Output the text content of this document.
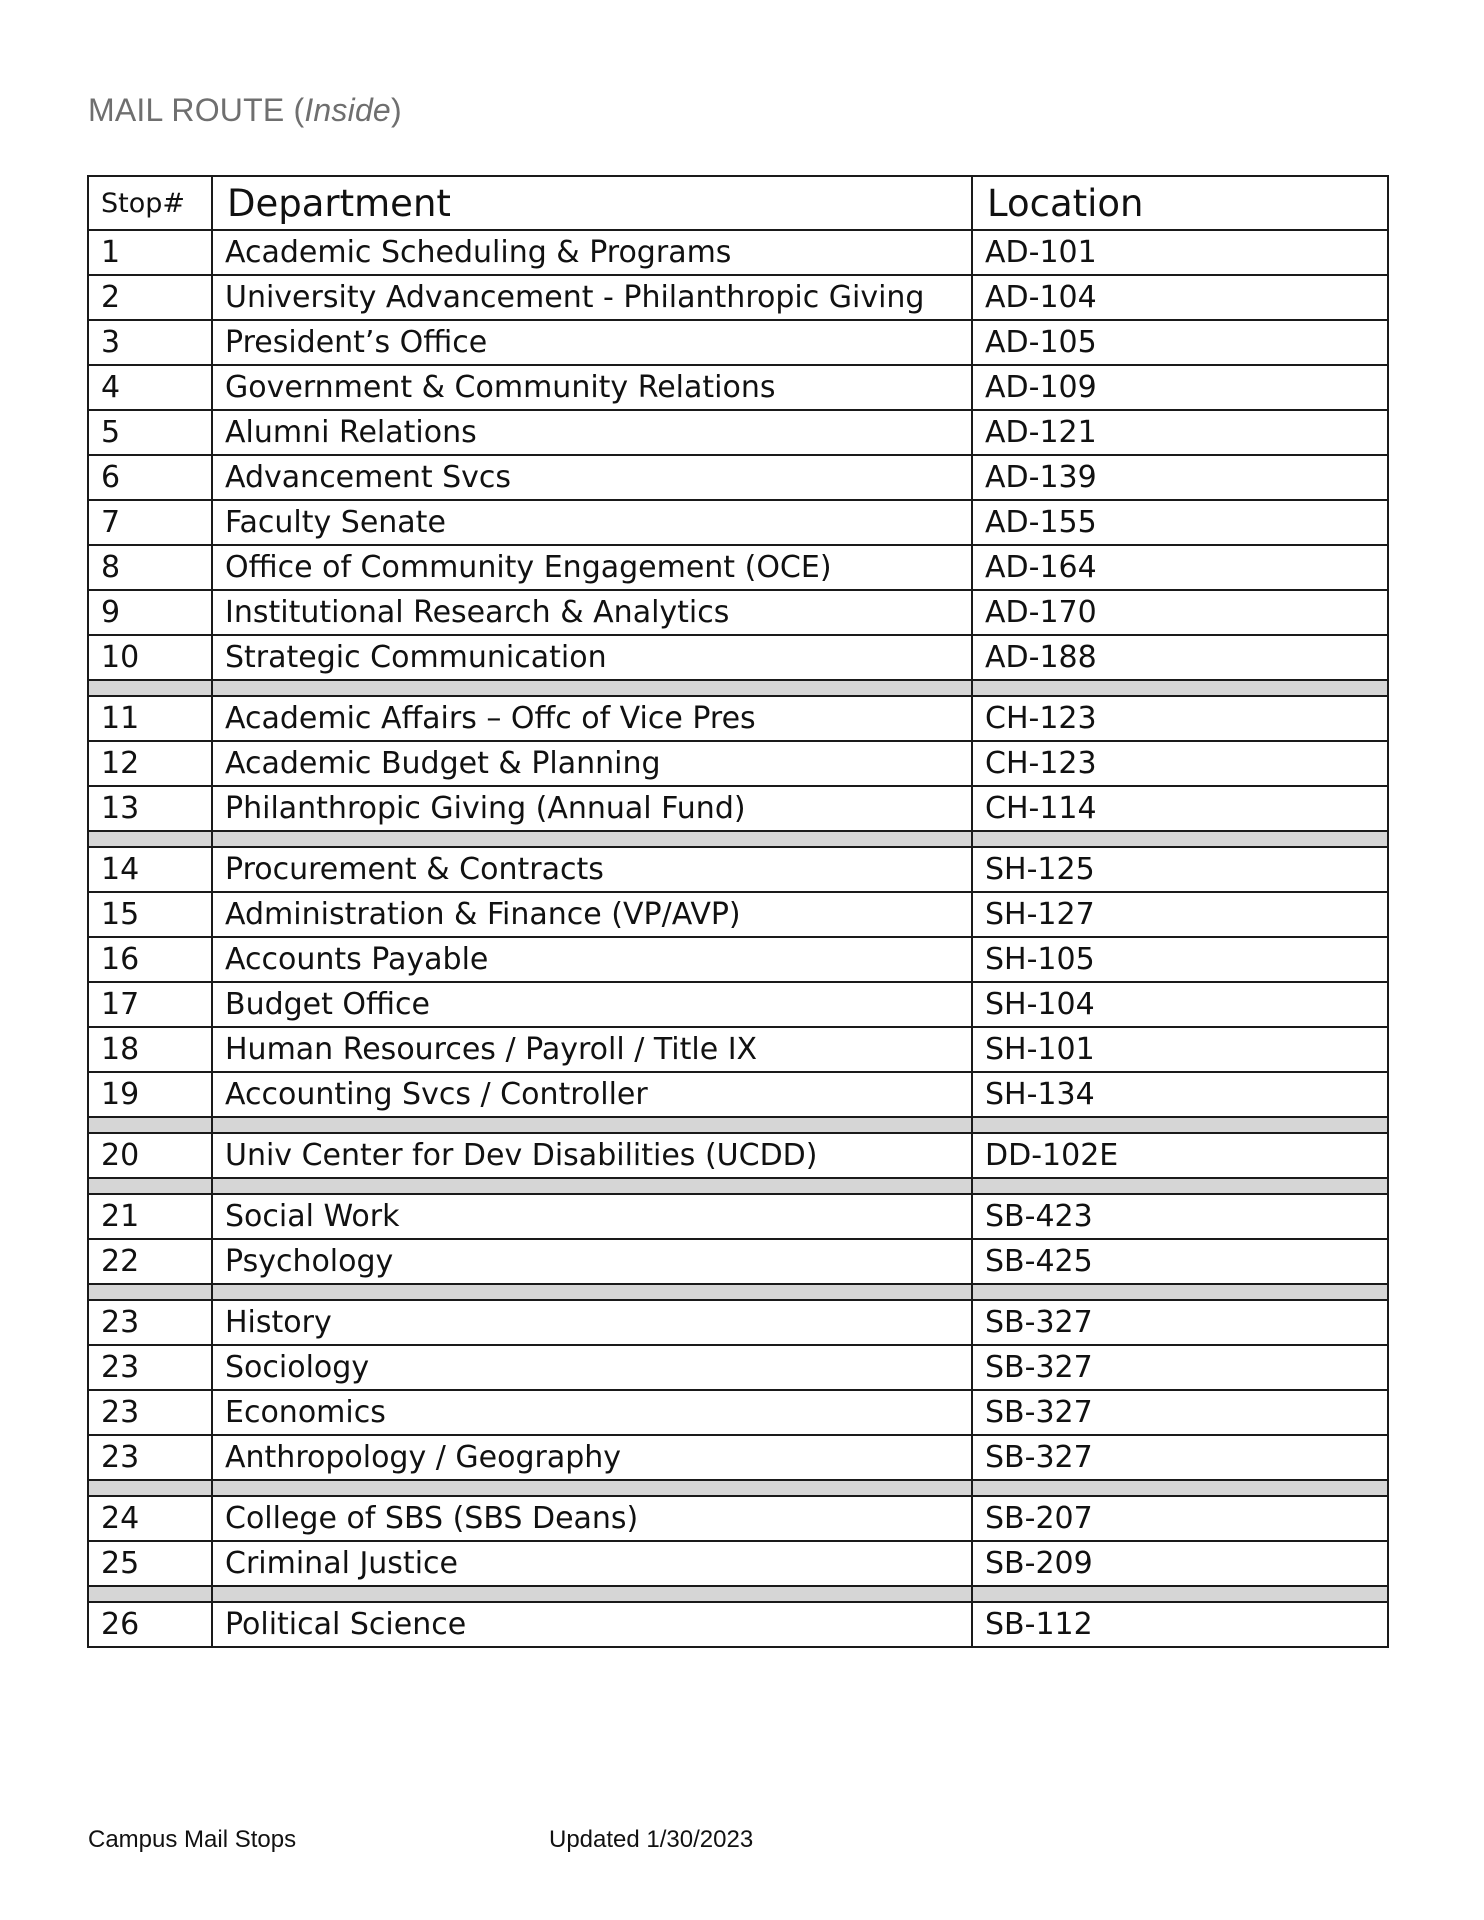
MAIL ROUTE (Inside)
Stop#	Department	Location
1	Academic Scheduling & Programs	AD-101
2	University Advancement - Philanthropic Giving	AD-104
3	President’s Office	AD-105
4	Government & Community Relations	AD-109
5	Alumni Relations	AD-121
6	Advancement Svcs	AD-139
7	Faculty Senate	AD-155
8	Office of Community Engagement (OCE)	AD-164
9	Institutional Research & Analytics	AD-170
10	Strategic Communication	AD-188

11	Academic Affairs – Offc of Vice Pres	CH-123
12	Academic Budget & Planning	CH-123
13	Philanthropic Giving (Annual Fund)	CH-114

14	Procurement & Contracts	SH-125
15	Administration & Finance (VP/AVP)	SH-127
16	Accounts Payable	SH-105
17	Budget Office	SH-104
18	Human Resources / Payroll / Title IX	SH-101
19	Accounting Svcs / Controller	SH-134

20	Univ Center for Dev Disabilities (UCDD)	DD-102E

21	Social Work	SB-423
22	Psychology	SB-425

23	History	SB-327
23	Sociology	SB-327
23	Economics	SB-327
23	Anthropology / Geography	SB-327

24	College of SBS (SBS Deans)	SB-207
25	Criminal Justice	SB-209

26	Political Science	SB-112
Campus Mail Stops	Updated 1/30/2023
